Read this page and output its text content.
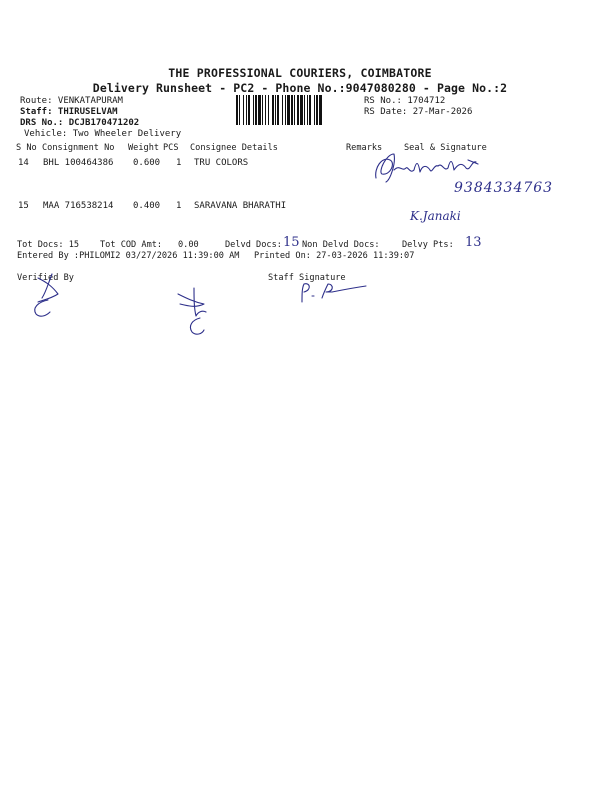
THE PROFESSIONAL COURIERS, COIMBATORE
Delivery Runsheet - PC2 - Phone No.:9047080280 - Page No.:2
Route: VENKATAPURAM
Staff: THIRUSELVAM
DRS No.: DCJB170471202
Vehicle: Two Wheeler Delivery
RS No.: 1704712
RS Date: 27-Mar-2026
S No Consignment No Weight PCS Consignee Details	Remarks	Seal & Signature
14 BHL 100464386 0.600 1 TRU COLORS
15 MAA 716538214 0.400 1 SARAVANA BHARATHI
9384334763
K.Janaki
Tot Docs: 15 Tot COD Amt: 0.00	Delvd Docs: 15 Non Delvd Docs:	Delvy Pts: 13
Entered By :PHILOMI2 03/27/2026 11:39:00 AM Printed On: 27-03-2026 11:39:07
Verified By	Staff Signature
